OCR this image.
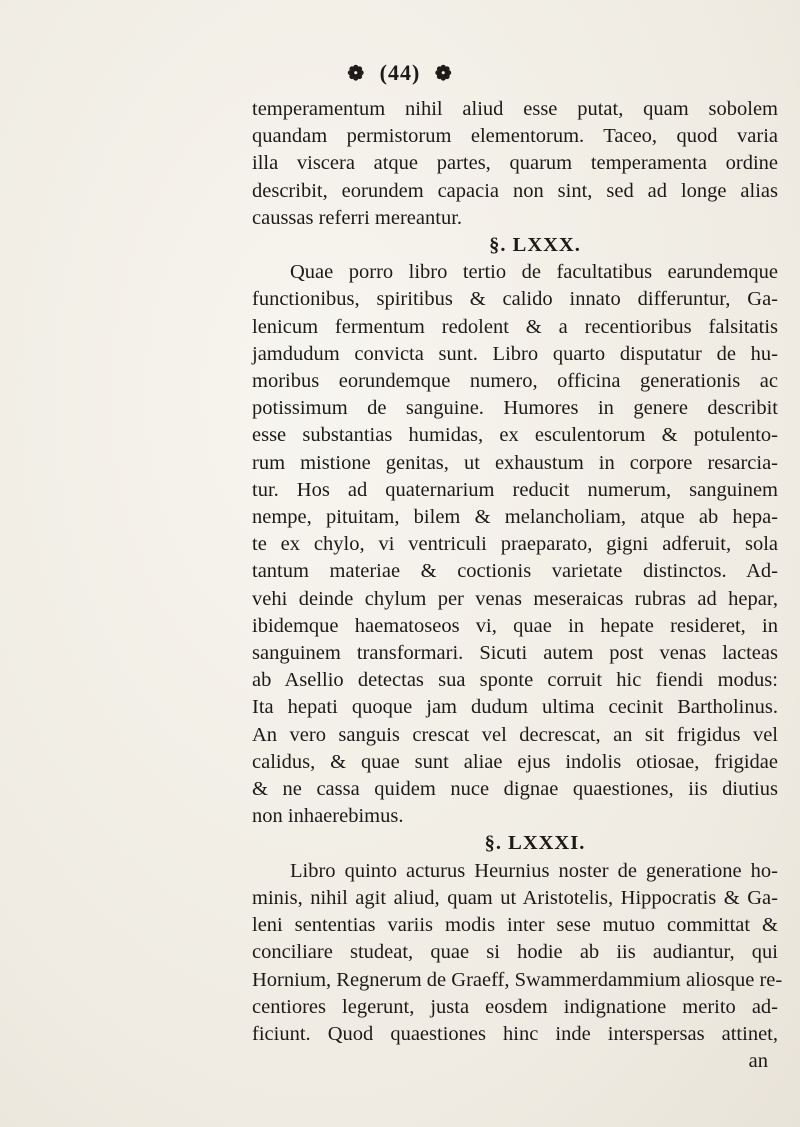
❁ (44) ❁
temperamentum nihil aliud esse putat, quam sobolem
quandam permistorum elementorum. Taceo, quod varia
illa viscera atque partes, quarum temperamenta ordine
describit, eorundem capacia non sint, sed ad longe alias
caussas referri mereantur.
§. LXXX.
Quae porro libro tertio de facultatibus earundemque
functionibus, spiritibus & calido innato differuntur, Ga-
lenicum fermentum redolent & a recentioribus falsitatis
jamdudum convicta sunt. Libro quarto disputatur de hu-
moribus eorundemque numero, officina generationis ac
potissimum de sanguine. Humores in genere describit
esse substantias humidas, ex esculentorum & potulento-
rum mistione genitas, ut exhaustum in corpore resarcia-
tur. Hos ad quaternarium reducit numerum, sanguinem
nempe, pituitam, bilem & melancholiam, atque ab hepa-
te ex chylo, vi ventriculi praeparato, gigni adferuit, sola
tantum materiae & coctionis varietate distinctos. Ad-
vehi deinde chylum per venas meseraicas rubras ad hepar,
ibidemque haematoseos vi, quae in hepate resideret, in
sanguinem transformari. Sicuti autem post venas lacteas
ab Asellio detectas sua sponte corruit hic fiendi modus:
Ita hepati quoque jam dudum ultima cecinit Bartholinus.
An vero sanguis crescat vel decrescat, an sit frigidus vel
calidus, & quae sunt aliae ejus indolis otiosae, frigidae
& ne cassa quidem nuce dignae quaestiones, iis diutius
non inhaerebimus.
§. LXXXI.
Libro quinto acturus Heurnius noster de generatione ho-
minis, nihil agit aliud, quam ut Aristotelis, Hippocratis & Ga-
leni sententias variis modis inter sese mutuo committat &
conciliare studeat, quae si hodie ab iis audiantur, qui
Hornium, Regnerum de Graeff, Swammerdammium aliosque re-
centiores legerunt, justa eosdem indignatione merito ad-
ficiunt. Quod quaestiones hinc inde interspersas attinet,
an
